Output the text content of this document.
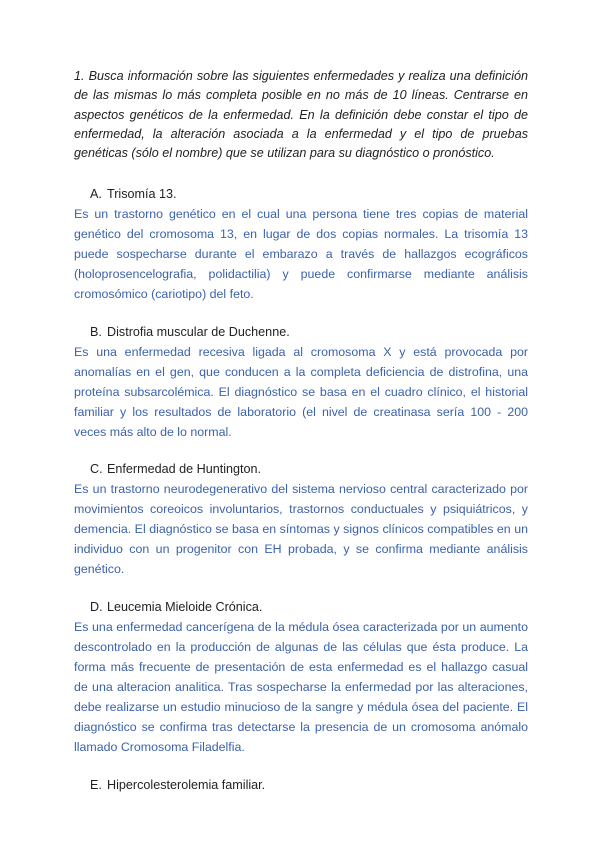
1. Busca información sobre las siguientes enfermedades y realiza una definición de las mismas lo más completa posible en no más de 10 líneas. Centrarse en aspectos genéticos de la enfermedad. En la definición debe constar el tipo de enfermedad, la alteración asociada a la enfermedad y el tipo de pruebas genéticas (sólo el nombre) que se utilizan para su diagnóstico o pronóstico.

A. Trisomía 13.

Es un trastorno genético en el cual una persona tiene tres copias de material genético del cromosoma 13, en lugar de dos copias normales. La trisomía 13 puede sospecharse durante el embarazo a través de hallazgos ecográficos (holoprosencelografia, polidactilia) y puede confirmarse mediante análisis cromosómico (cariotipo) del feto.

B. Distrofia muscular de Duchenne.

Es una enfermedad recesiva ligada al cromosoma X y está provocada por anomalías en el gen, que conducen a la completa deficiencia de distrofina, una proteína subsarcolémica. El diagnóstico se basa en el cuadro clínico, el historial familiar y los resultados de laboratorio (el nivel de creatinasa sería 100 - 200 veces más alto de lo normal.

C. Enfermedad de Huntington.

Es un trastorno neurodegenerativo del sistema nervioso central caracterizado por movimientos coreoicos involuntarios, trastornos conductuales y psiquiátricos, y demencia. El diagnóstico se basa en síntomas y signos clínicos compatibles en un individuo con un progenitor con EH probada, y se confirma mediante análisis genético.

D. Leucemia Mieloide Crónica.

Es una enfermedad cancerígena de la médula ósea caracterizada por un aumento descontrolado en la producción de algunas de las células que ésta produce. La forma más frecuente de presentación de esta enfermedad es el hallazgo casual de una alteracion analitica. Tras sospecharse la enfermedad por las alteraciones, debe realizarse un estudio minucioso de la sangre y médula ósea del paciente. El diagnóstico se confirma tras detectarse la presencia de un cromosoma anómalo llamado Cromosoma Filadelfia.

E. Hipercolesterolemia familiar.
